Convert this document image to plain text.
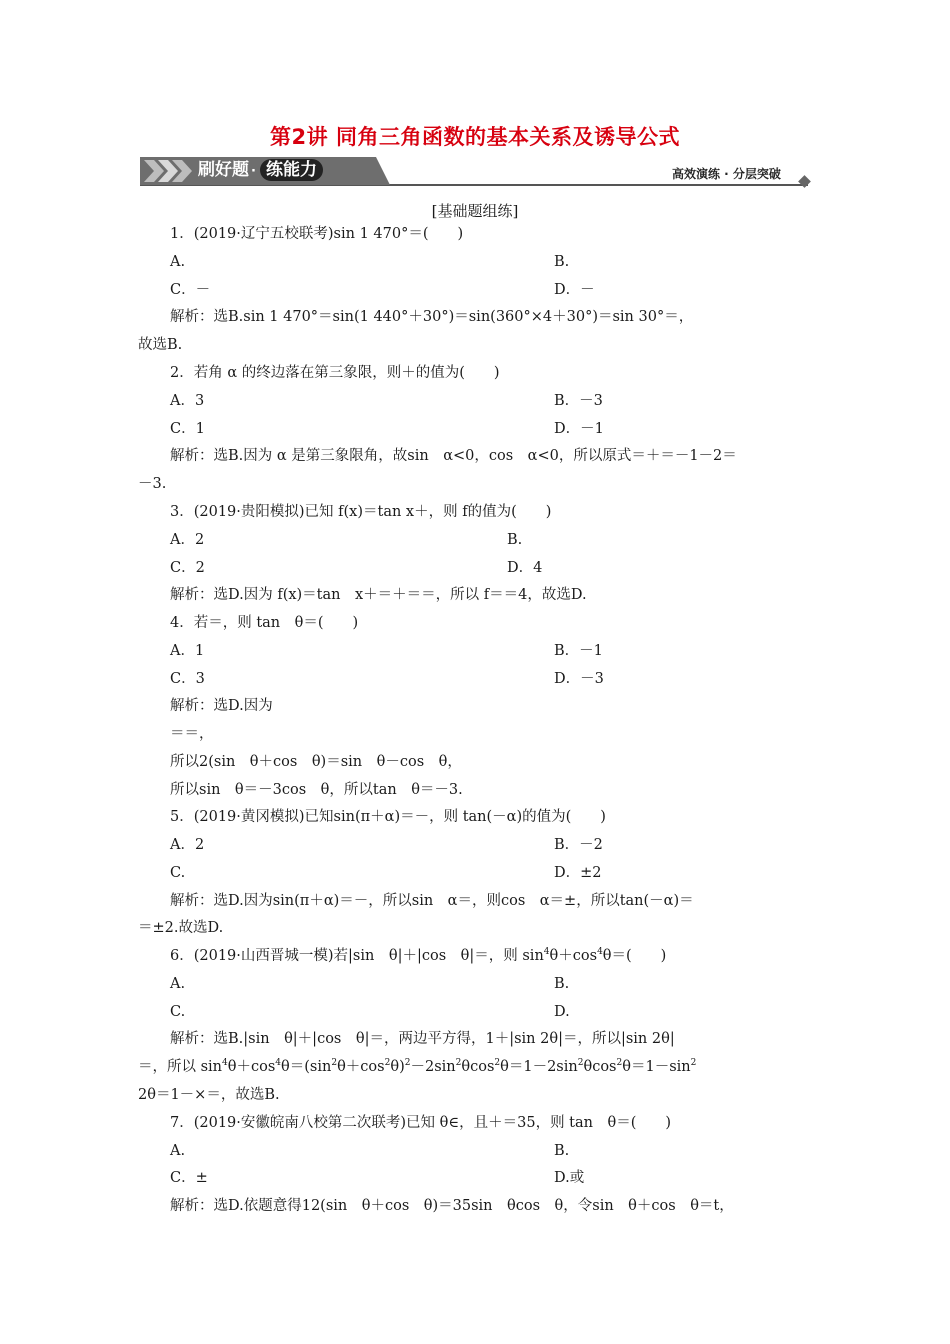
第2讲 同角三角函数的基本关系及诱导公式
刷好题 · 练能力	高效演练 · 分层突破
[基础题组练]
1．(2019·辽宁五校联考)sin 1 470°＝(　　)
A.	B.
C．－	D．－
解析：选B.sin 1 470°＝sin(1 440°＋30°)＝sin(360°×4＋30°)＝sin 30°＝，
故选B.
2．若角 α 的终边落在第三象限，则＋的值为(　　)
A．3	B．－3
C．1	D．－1
解析：选B.因为 α 是第三象限角，故sin　α<0，cos　α<0，所以原式＝＋＝－1－2＝
－3.
3．(2019·贵阳模拟)已知 f(x)＝tan x＋，则 f的值为(　　)
A．2	B.
C．2	D．4
解析：选D.因为 f(x)＝tan　x＋＝＋＝＝，所以 f＝＝4，故选D.
4．若＝，则 tan　θ＝(　　)
A．1	B．－1
C．3	D．－3
解析：选D.因为
＝＝，
所以2(sin　θ＋cos　θ)＝sin　θ－cos　θ，
所以sin　θ＝－3cos　θ，所以tan　θ＝－3.
5．(2019·黄冈模拟)已知sin(π＋α)＝－，则 tan(－α)的值为(　　)
A．2	B．－2
C.	D．±2
解析：选D.因为sin(π＋α)＝－，所以sin　α＝，则cos　α＝±，所以tan(－α)＝
＝±2.故选D.
6．(2019·山西晋城一模)若|sin　θ|＋|cos　θ|＝，则 $\sin^4\theta+\cos^4\theta=$(　　)
A.	B.
C.	D.
解析：选B.|sin　θ|＋|cos　θ|＝，两边平方得，1＋|sin 2θ|＝，所以|sin 2θ|
＝，所以 $\sin^4\theta+\cos^4\theta=(\sin^2\theta+\cos^2\theta)^2-2\sin^2\theta\cos^2\theta=1-2\sin^2\theta\cos^2\theta=1-\sin^2$
2θ＝1－×＝，故选B.
7．(2019·安徽皖南八校第二次联考)已知 θ∈，且＋＝35，则 tan　θ＝(　　)
A.	B.
C．±	D.或
解析：选D.依题意得12(sin　θ＋cos　θ)＝35sin　θcos　θ，令sin　θ＋cos　θ＝t，
